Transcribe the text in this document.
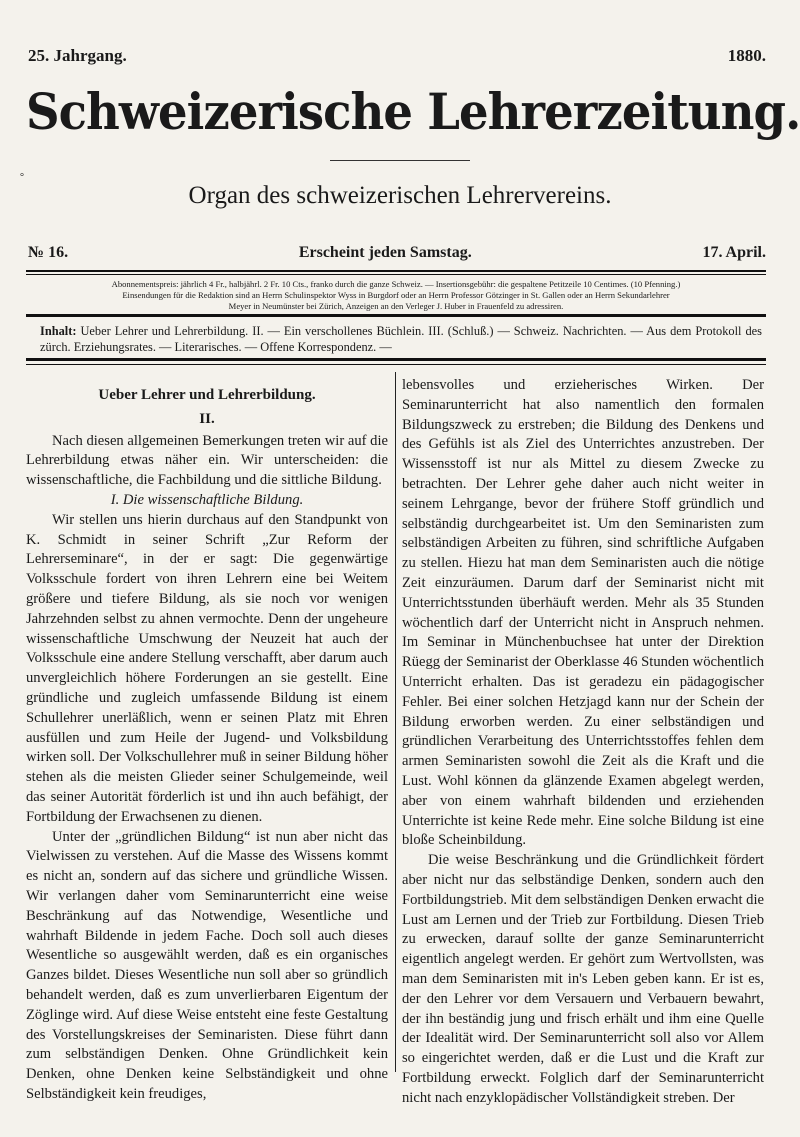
25. Jahrgang.	1880.
Schweizerische Lehrerzeitung.
°
Organ des schweizerischen Lehrervereins.
№ 16.	Erscheint jeden Samstag.	17. April.
Abonnementspreis: jährlich 4 Fr., halbjährl. 2 Fr. 10 Cts., franko durch die ganze Schweiz. — Insertionsgebühr: die gespaltene Petitzeile 10 Centimes. (10 Pfenning.)
Einsendungen für die Redaktion sind an Herrn Schulinspektor Wyss in Burgdorf oder an Herrn Professor Götzinger in St. Gallen oder an Herrn Sekundarlehrer
Meyer in Neumünster bei Zürich, Anzeigen an den Verleger J. Huber in Frauenfeld zu adressiren.
Inhalt: Ueber Lehrer und Lehrerbildung. II. — Ein verschollenes Büchlein. III. (Schluß.) — Schweiz. Nachrichten. — Aus dem Protokoll des zürch. Erziehungsrates. — Literarisches. — Offene Korrespondenz. —
Ueber Lehrer und Lehrerbildung.
II.

Nach diesen allgemeinen Bemerkungen treten wir auf die Lehrerbildung etwas näher ein. Wir unterscheiden: die wissenschaftliche, die Fachbildung und die sittliche Bildung.

I. Die wissenschaftliche Bildung.

Wir stellen uns hierin durchaus auf den Standpunkt von K. Schmidt in seiner Schrift „Zur Reform der Lehrerseminare“, in der er sagt: Die gegenwärtige Volksschule fordert von ihren Lehrern eine bei Weitem größere und tiefere Bildung, als sie noch vor wenigen Jahrzehnden selbst zu ahnen vermochte. Denn der ungeheure wissenschaftliche Umschwung der Neuzeit hat auch der Volksschule eine andere Stellung verschafft, aber darum auch unvergleichlich höhere Forderungen an sie gestellt. Eine gründliche und zugleich umfassende Bildung ist einem Schullehrer unerläßlich, wenn er seinen Platz mit Ehren ausfüllen und zum Heile der Jugend- und Volksbildung wirken soll. Der Volkschullehrer muß in seiner Bildung höher stehen als die meisten Glieder seiner Schulgemeinde, weil das seiner Autorität förderlich ist und ihn auch befähigt, der Fortbildung der Erwachsenen zu dienen.

Unter der „gründlichen Bildung“ ist nun aber nicht das Vielwissen zu verstehen. Auf die Masse des Wissens kommt es nicht an, sondern auf das sichere und gründliche Wissen. Wir verlangen daher vom Seminarunterricht eine weise Beschränkung auf das Notwendige, Wesentliche und wahrhaft Bildende in jedem Fache. Doch soll auch dieses Wesentliche so ausgewählt werden, daß es ein organisches Ganzes bildet. Dieses Wesentliche nun soll aber so gründlich behandelt werden, daß es zum unverlierbaren Eigentum der Zöglinge wird. Auf diese Weise entsteht eine feste Gestaltung des Vorstellungskreises der Seminaristen. Diese führt dann zum selbständigen Denken. Ohne Gründlichkeit kein Denken, ohne Denken keine Selbständigkeit und ohne Selbständigkeit kein freudiges,

lebensvolles und erzieherisches Wirken. Der Seminarunterricht hat also namentlich den formalen Bildungszweck zu erstreben; die Bildung des Denkens und des Gefühls ist als Ziel des Unterrichtes anzustreben. Der Wissensstoff ist nur als Mittel zu diesem Zwecke zu betrachten. Der Lehrer gehe daher auch nicht weiter in seinem Lehrgange, bevor der frühere Stoff gründlich und selbständig durchgearbeitet ist. Um den Seminaristen zum selbständigen Arbeiten zu führen, sind schriftliche Aufgaben zu stellen. Hiezu hat man dem Seminaristen auch die nötige Zeit einzuräumen. Darum darf der Seminarist nicht mit Unterrichtsstunden überhäuft werden. Mehr als 35 Stunden wöchentlich darf der Unterricht nicht in Anspruch nehmen. Im Seminar in Münchenbuchsee hat unter der Direktion Rüegg der Seminarist der Oberklasse 46 Stunden wöchentlich Unterricht erhalten. Das ist geradezu ein pädagogischer Fehler. Bei einer solchen Hetzjagd kann nur der Schein der Bildung erworben werden. Zu einer selbständigen und gründlichen Verarbeitung des Unterrichtsstoffes fehlen dem armen Seminaristen sowohl die Zeit als die Kraft und die Lust. Wohl können da glänzende Examen abgelegt werden, aber von einem wahrhaft bildenden und erziehenden Unterrichte ist keine Rede mehr. Eine solche Bildung ist eine bloße Scheinbildung.

Die weise Beschränkung und die Gründlichkeit fördert aber nicht nur das selbständige Denken, sondern auch den Fortbildungstrieb. Mit dem selbständigen Denken erwacht die Lust am Lernen und der Trieb zur Fortbildung. Diesen Trieb zu erwecken, darauf sollte der ganze Seminarunterricht eigentlich angelegt werden. Er gehört zum Wertvollsten, was man dem Seminaristen mit in's Leben geben kann. Er ist es, der den Lehrer vor dem Versauern und Verbauern bewahrt, der ihn beständig jung und frisch erhält und ihm eine Quelle der Idealität wird. Der Seminarunterricht soll also vor Allem so eingerichtet werden, daß er die Lust und die Kraft zur Fortbildung erweckt. Folglich darf der Seminarunterricht nicht nach enzyklopädischer Vollständigkeit streben. Der
